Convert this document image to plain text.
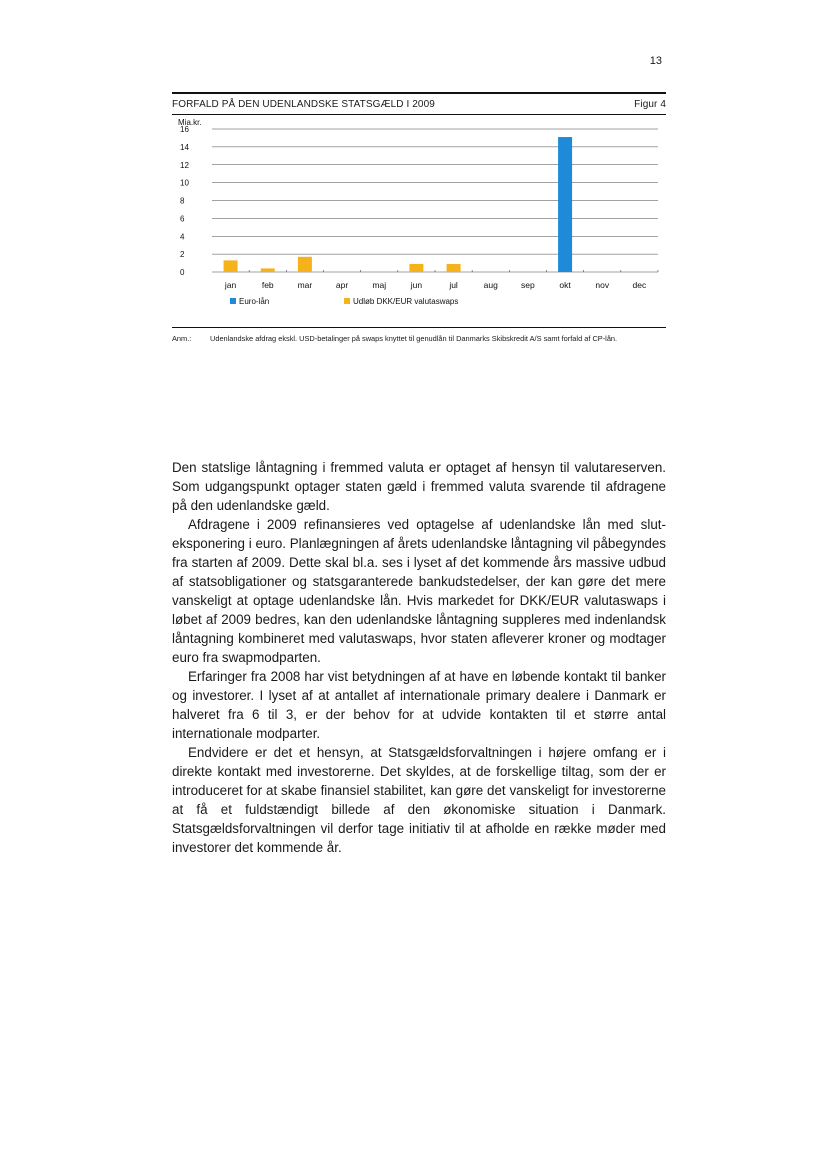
13
FORFALD PÅ DEN UDENLANDSKE STATSGÆLD I 2009	Figur 4
Mia.kr.
0
2
4
6
8
10
12
14
16
jan	feb	mar	apr	maj	jun	jul	aug	sep	okt	nov	dec
Euro-lån	Udløb DKK/EUR valutaswaps
Anm.:	Udenlandske afdrag ekskl. USD-betalinger på swaps knyttet til genudlån til Danmarks Skibskredit A/S samt forfald af CP-lån.

Den statslige låntagning i fremmed valuta er optaget af hensyn til valutareserven. Som udgangspunkt optager staten gæld i fremmed valuta svarende til afdragene på den udenlandske gæld.

Afdragene i 2009 refinansieres ved optagelse af udenlandske lån med sluteksponering i euro. Planlægningen af årets udenlandske låntagning vil påbegyndes fra starten af 2009. Dette skal bl.a. ses i lyset af det kommende års massive udbud af statsobligationer og statsgaranterede bankudstedelser, der kan gøre det mere vanskeligt at optage udenlandske lån. Hvis markedet for DKK/EUR valutaswaps i løbet af 2009 bedres, kan den udenlandske låntagning suppleres med indenlandsk låntagning kombineret med valutaswaps, hvor staten afleverer kroner og modtager euro fra swapmodparten.

Erfaringer fra 2008 har vist betydningen af at have en løbende kontakt til banker og investorer. I lyset af at antallet af internationale primary dealere i Danmark er halveret fra 6 til 3, er der behov for at udvide kontakten til et større antal internationale modparter.

Endvidere er det et hensyn, at Statsgældsforvaltningen i højere omfang er i direkte kontakt med investorerne. Det skyldes, at de forskellige tiltag, som der er introduceret for at skabe finansiel stabilitet, kan gøre det vanskeligt for investorerne at få et fuldstændigt billede af den økonomiske situation i Danmark. Statsgældsforvaltningen vil derfor tage initiativ til at afholde en række møder med investorer det kommende år.
